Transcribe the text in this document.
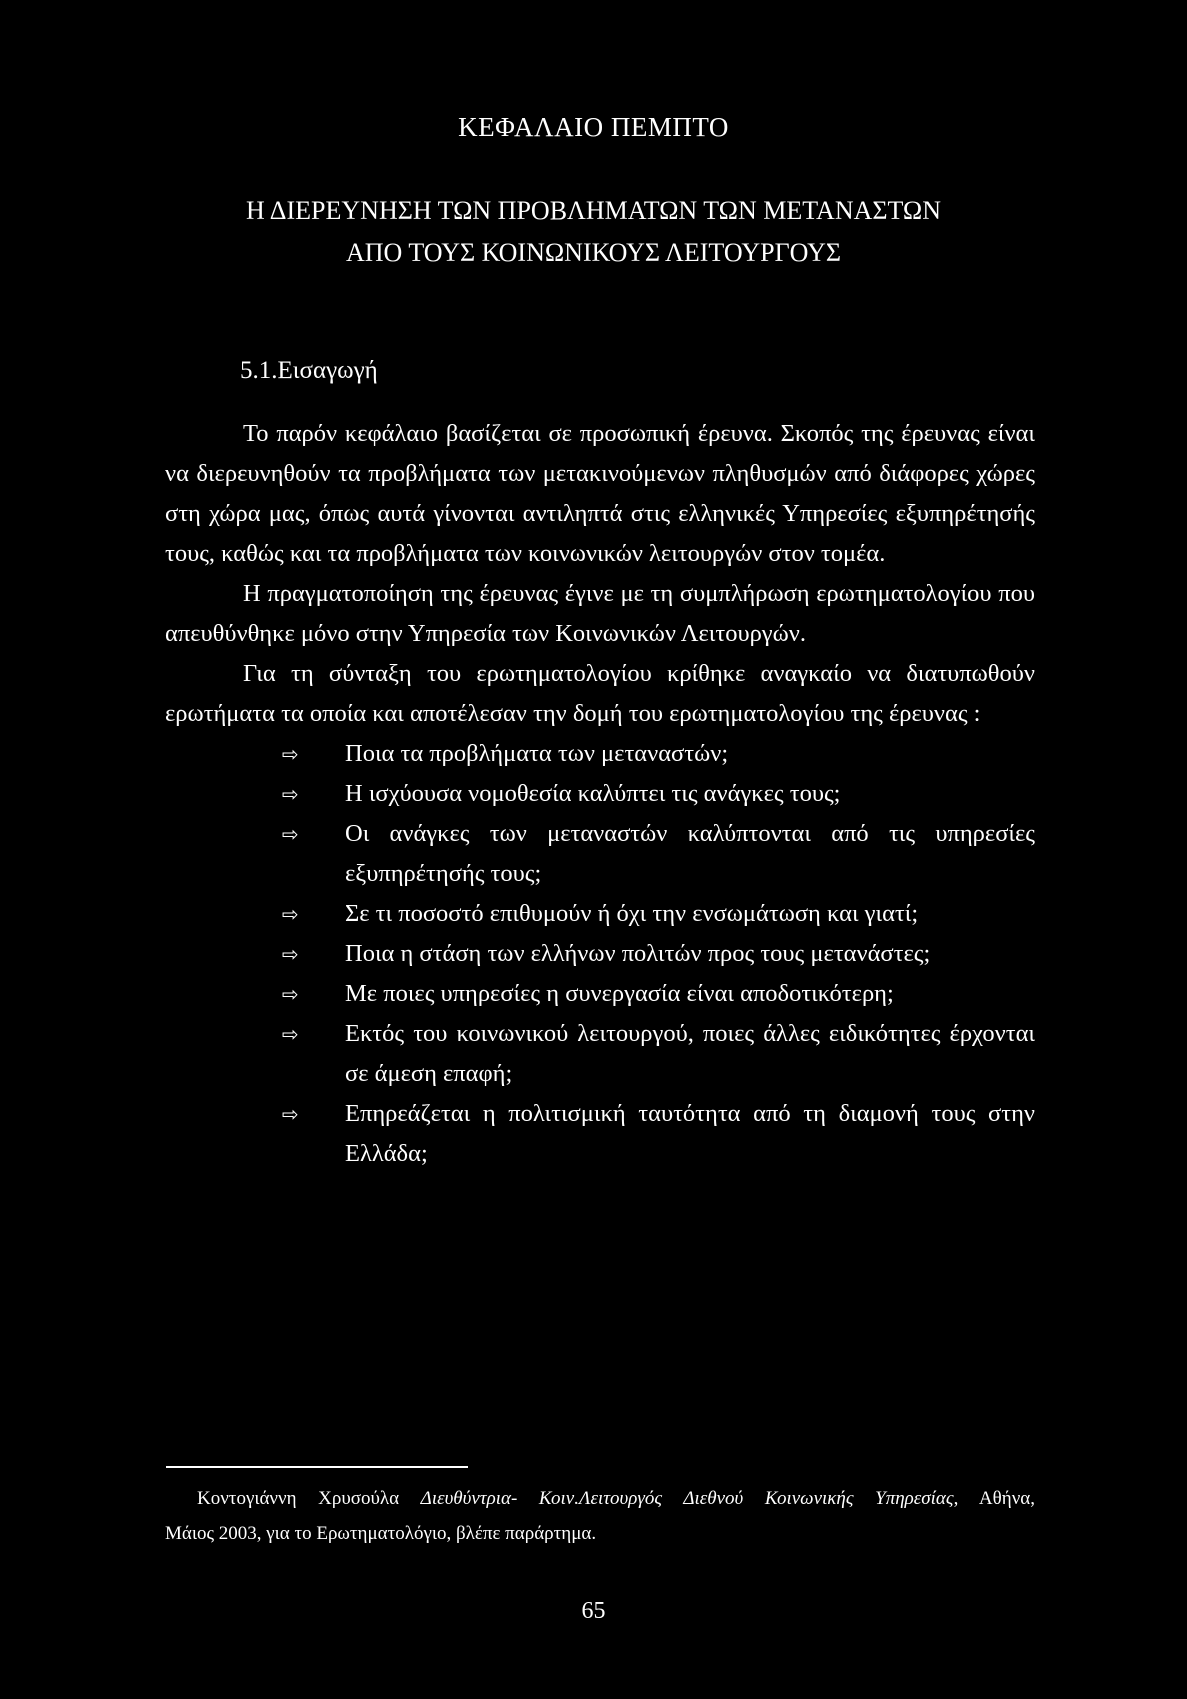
ΚΕΦΑΛΑΙΟ ΠΕΜΠΤΟ
Η ΔΙΕΡΕΥΝΗΣΗ ΤΩΝ ΠΡΟΒΛΗΜΑΤΩΝ ΤΩΝ ΜΕΤΑΝΑΣΤΩΝ
ΑΠΟ ΤΟΥΣ ΚΟΙΝΩΝΙΚΟΥΣ ΛΕΙΤΟΥΡΓΟΥΣ
5.1.Εισαγωγή

Το παρόν κεφάλαιο βασίζεται σε προσωπική έρευνα. Σκοπός της έρευνας είναι να διερευνηθούν τα προβλήματα των μετακινούμενων πληθυσμών από διάφορες χώρες στη χώρα μας, όπως αυτά γίνονται αντιληπτά στις ελληνικές Υπηρεσίες εξυπηρέτησής τους, καθώς και τα προβλήματα των κοινωνικών λειτουργών στον τομέα.

Η πραγματοποίηση της έρευνας έγινε με τη συμπλήρωση ερωτηματολογίου που απευθύνθηκε μόνο στην Υπηρεσία των Κοινωνικών Λειτουργών.

Για τη σύνταξη του ερωτηματολογίου κρίθηκε αναγκαίο να διατυπωθούν ερωτήματα τα οποία και αποτέλεσαν την δομή του ερωτηματολογίου της έρευνας :

⇨ Ποια τα προβλήματα των μεταναστών;
⇨ Η ισχύουσα νομοθεσία καλύπτει τις ανάγκες τους;
⇨ Οι ανάγκες των μεταναστών καλύπτονται από τις υπηρεσίες εξυπηρέτησής τους;
⇨ Σε τι ποσοστό επιθυμούν ή όχι την ενσωμάτωση και γιατί;
⇨ Ποια η στάση των ελλήνων πολιτών προς τους μετανάστες;
⇨ Με ποιες υπηρεσίες η συνεργασία είναι αποδοτικότερη;
⇨ Εκτός του κοινωνικού λειτουργού, ποιες άλλες ειδικότητες έρχονται σε άμεση επαφή;
⇨ Επηρεάζεται η πολιτισμική ταυτότητα από τη διαμονή τους στην Ελλάδα;
Κοντογιάννη Χρυσούλα Διευθύντρια- Κοιν.Λειτουργός Διεθνού Κοινωνικής Υπηρεσίας, Αθήνα,
Μάιος 2003, για το Ερωτηματολόγιο, βλέπε παράρτημα.
65
